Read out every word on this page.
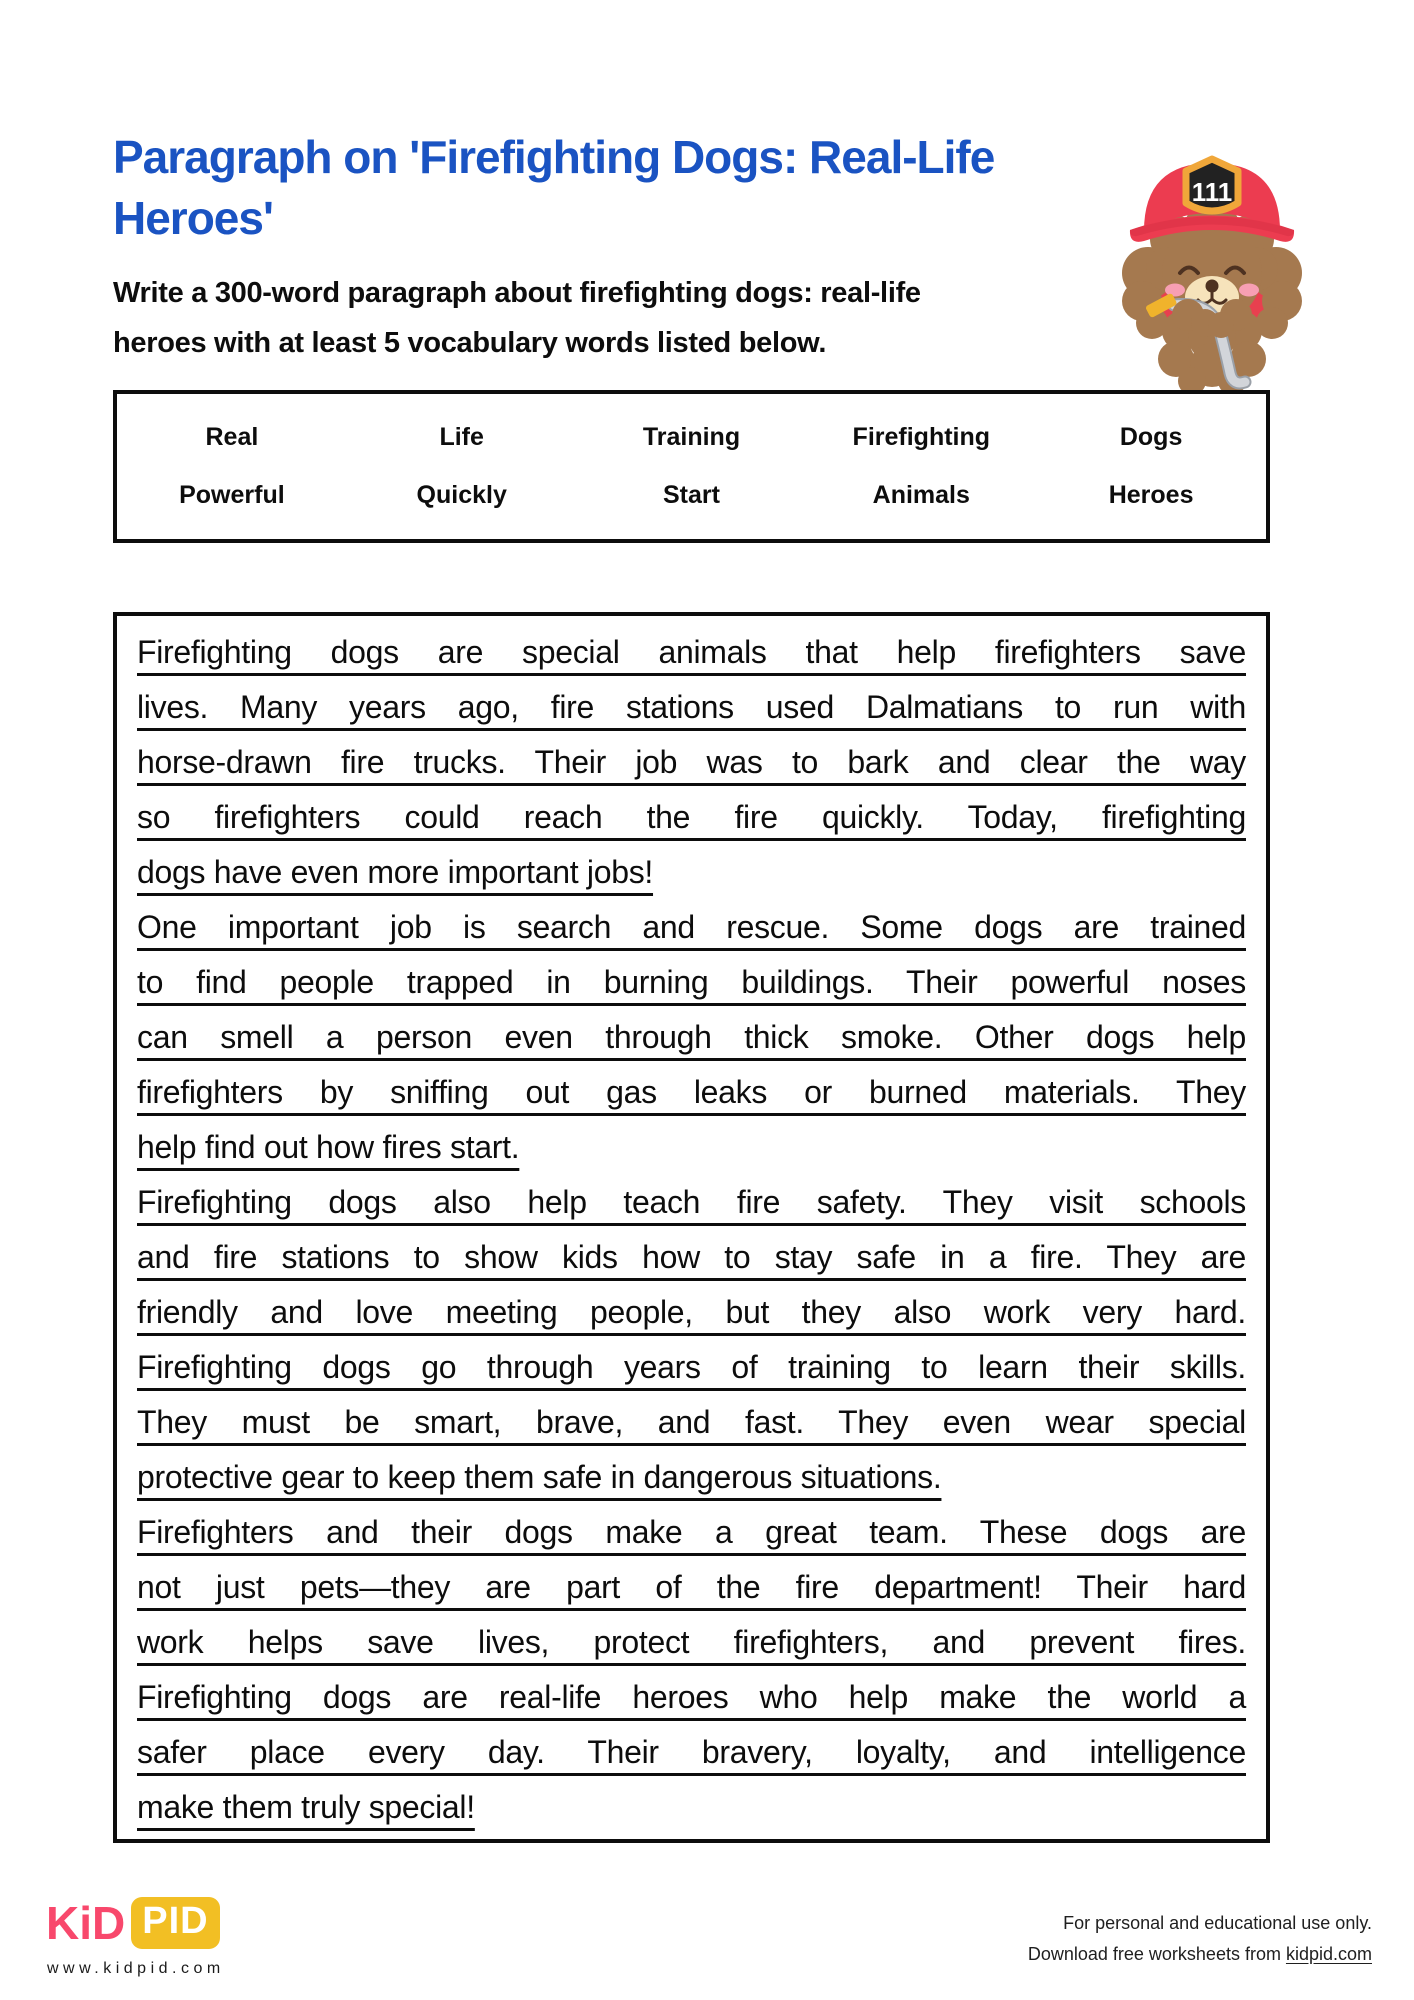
Paragraph on 'Firefighting Dogs: Real-Life
Heroes'
Write a 300-word paragraph about firefighting dogs: real-life
heroes with at least 5 vocabulary words listed below.
111
Real	Life	Training	Firefighting	Dogs
Powerful	Quickly	Start	Animals	Heroes
Firefighting dogs are special animals that help firefighters save
lives. Many years ago, fire stations used Dalmatians to run with
horse-drawn fire trucks. Their job was to bark and clear the way
so firefighters could reach the fire quickly. Today, firefighting
dogs have even more important jobs!
One important job is search and rescue. Some dogs are trained
to find people trapped in burning buildings. Their powerful noses
can smell a person even through thick smoke. Other dogs help
firefighters by sniffing out gas leaks or burned materials. They
help find out how fires start.
Firefighting dogs also help teach fire safety. They visit schools
and fire stations to show kids how to stay safe in a fire. They are
friendly and love meeting people, but they also work very hard.
Firefighting dogs go through years of training to learn their skills.
They must be smart, brave, and fast. They even wear special
protective gear to keep them safe in dangerous situations.
Firefighters and their dogs make a great team. These dogs are
not just pets—they are part of the fire department! Their hard
work helps save lives, protect firefighters, and prevent fires.
Firefighting dogs are real-life heroes who help make the world a
safer place every day. Their bravery, loyalty, and intelligence
make them truly special!
KiD PID
www.kidpid.com
For personal and educational use only.
Download free worksheets from kidpid.com
